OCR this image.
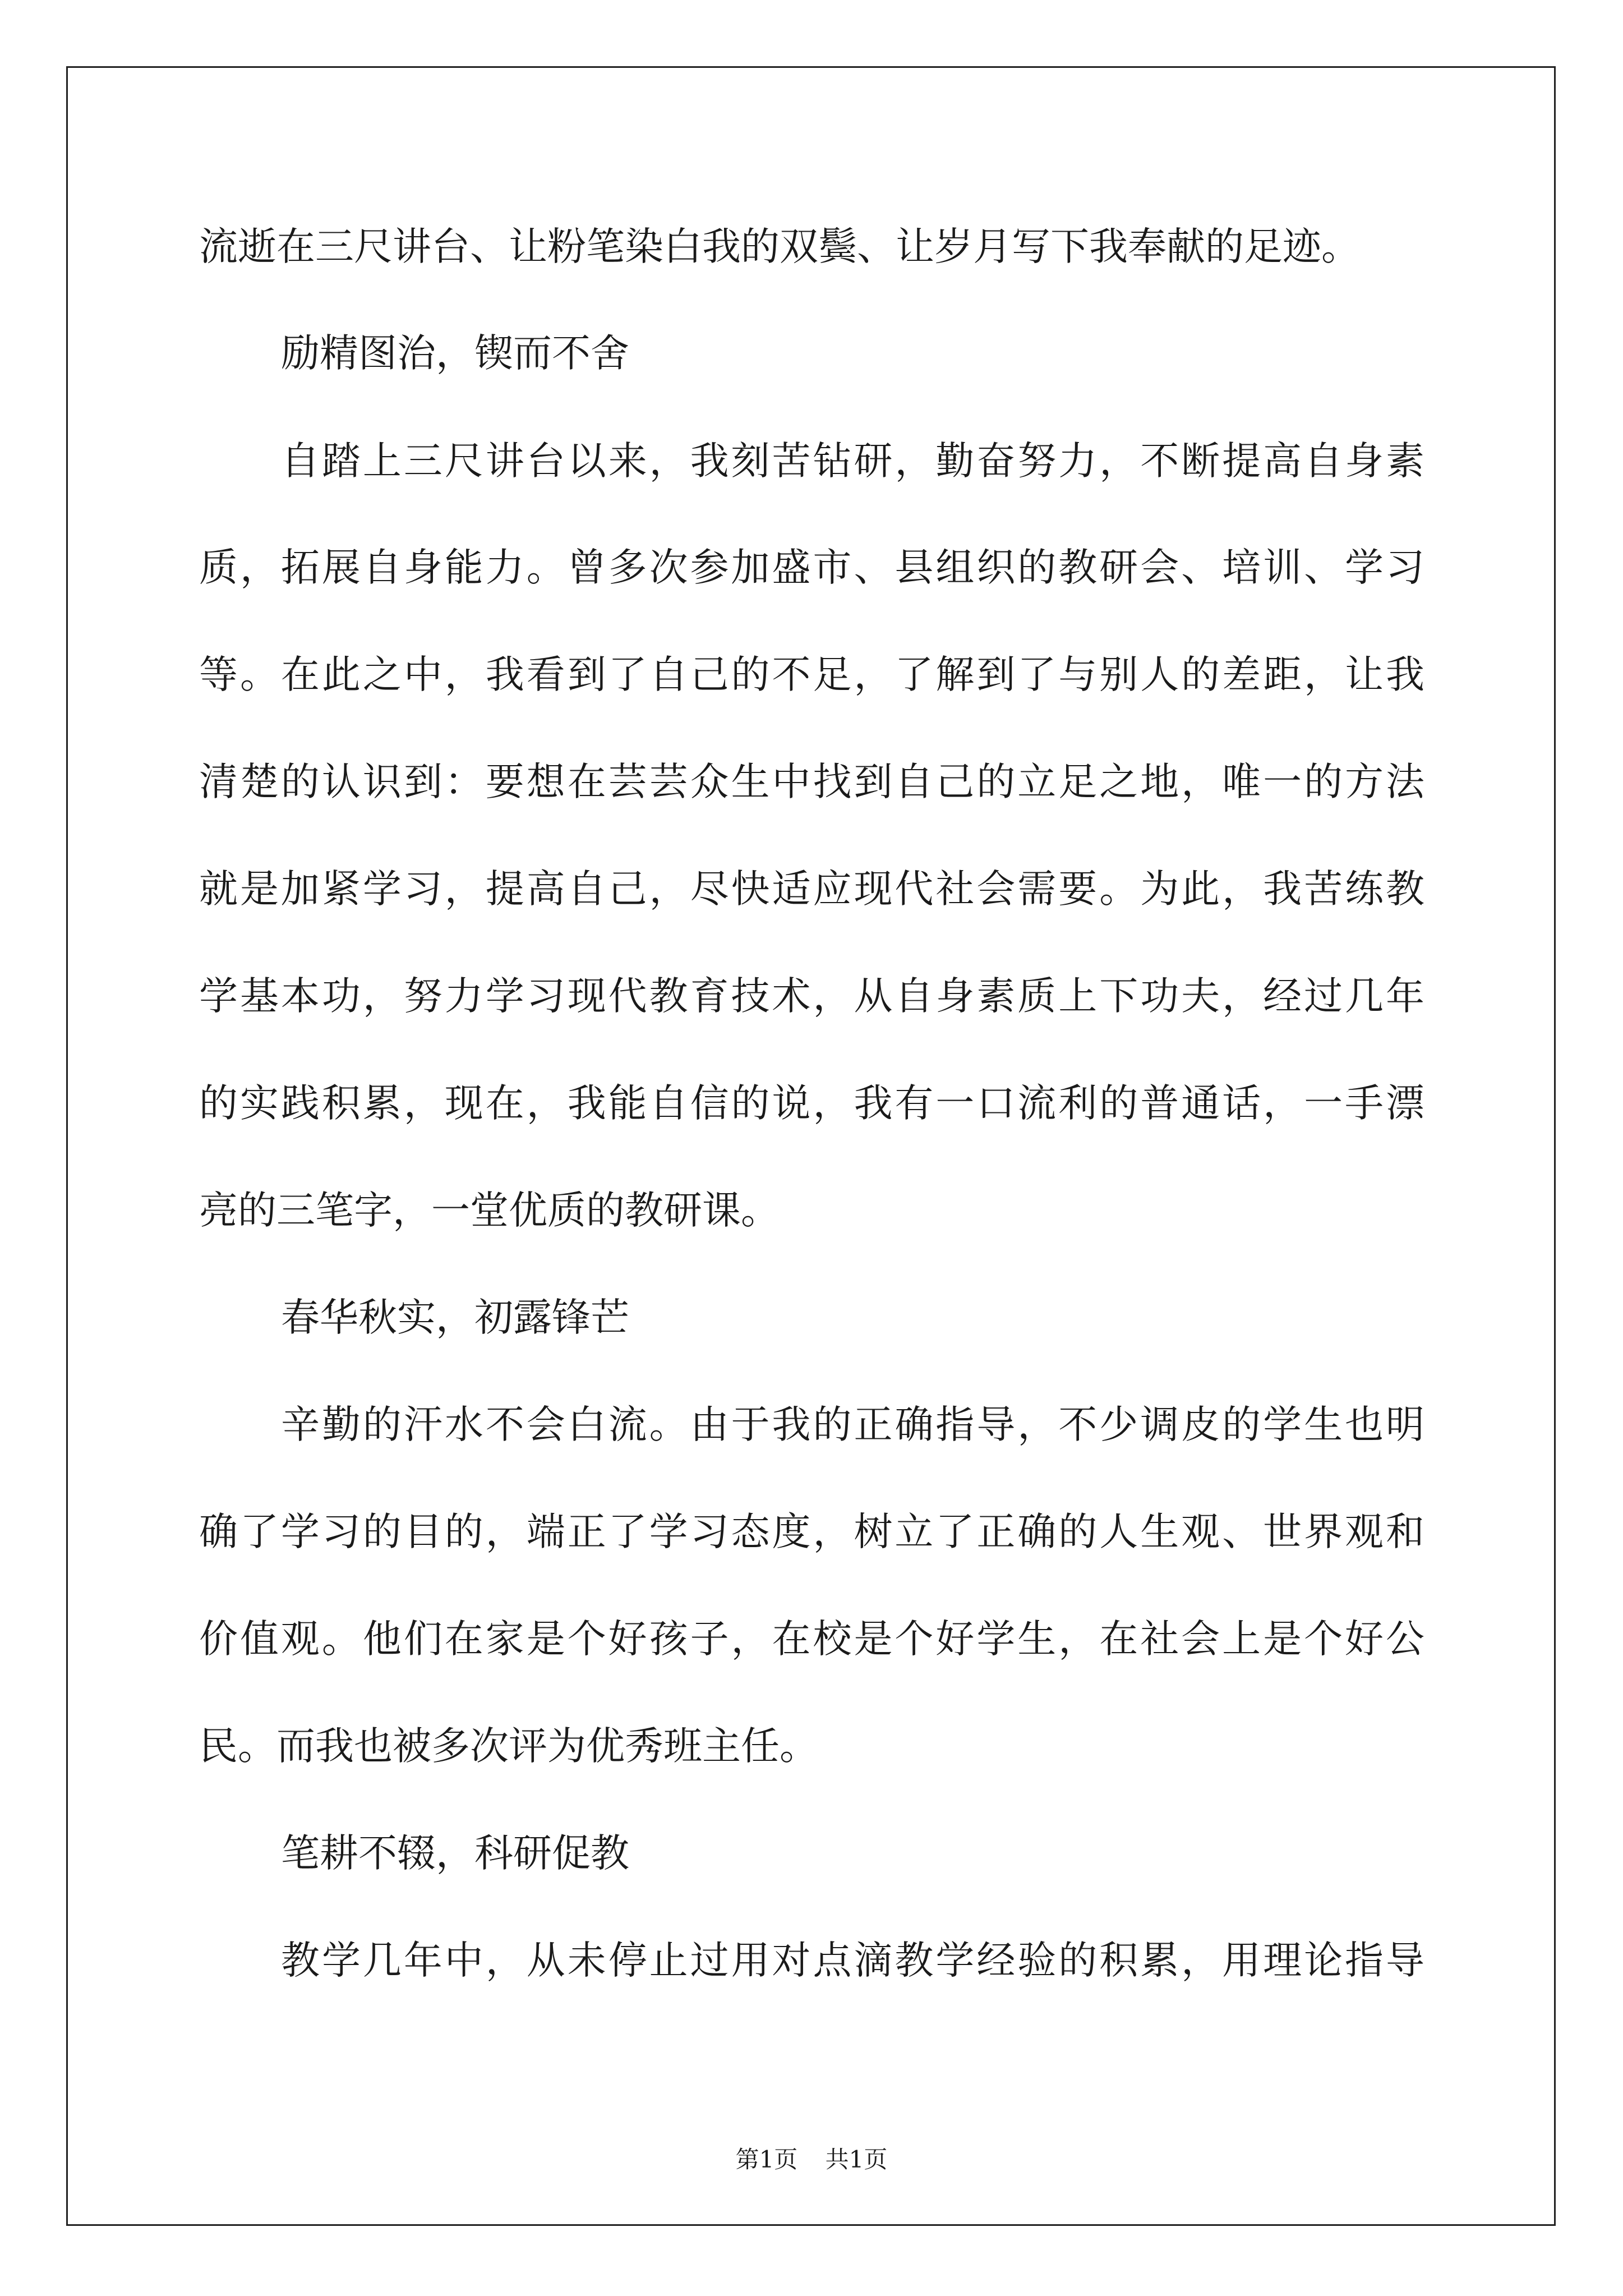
流逝在三尺讲台、让粉笔染白我的双鬓、让岁月写下我奉献的足迹。
励精图治，锲而不舍
自踏上三尺讲台以来，我刻苦钻研，勤奋努力，不断提高自身素
质，拓展自身能力。曾多次参加盛市、县组织的教研会、培训、学习
等。在此之中，我看到了自己的不足，了解到了与别人的差距，让我
清楚的认识到：要想在芸芸众生中找到自己的立足之地，唯一的方法
就是加紧学习，提高自己，尽快适应现代社会需要。为此，我苦练教
学基本功，努力学习现代教育技术，从自身素质上下功夫，经过几年
的实践积累，现在，我能自信的说，我有一口流利的普通话，一手漂
亮的三笔字，一堂优质的教研课。
春华秋实，初露锋芒
辛勤的汗水不会白流。由于我的正确指导，不少调皮的学生也明
确了学习的目的，端正了学习态度，树立了正确的人生观、世界观和
价值观。他们在家是个好孩子，在校是个好学生，在社会上是个好公
民。而我也被多次评为优秀班主任。
笔耕不辍，科研促教
教学几年中，从未停止过用对点滴教学经验的积累，用理论指导
第1页 共1页
